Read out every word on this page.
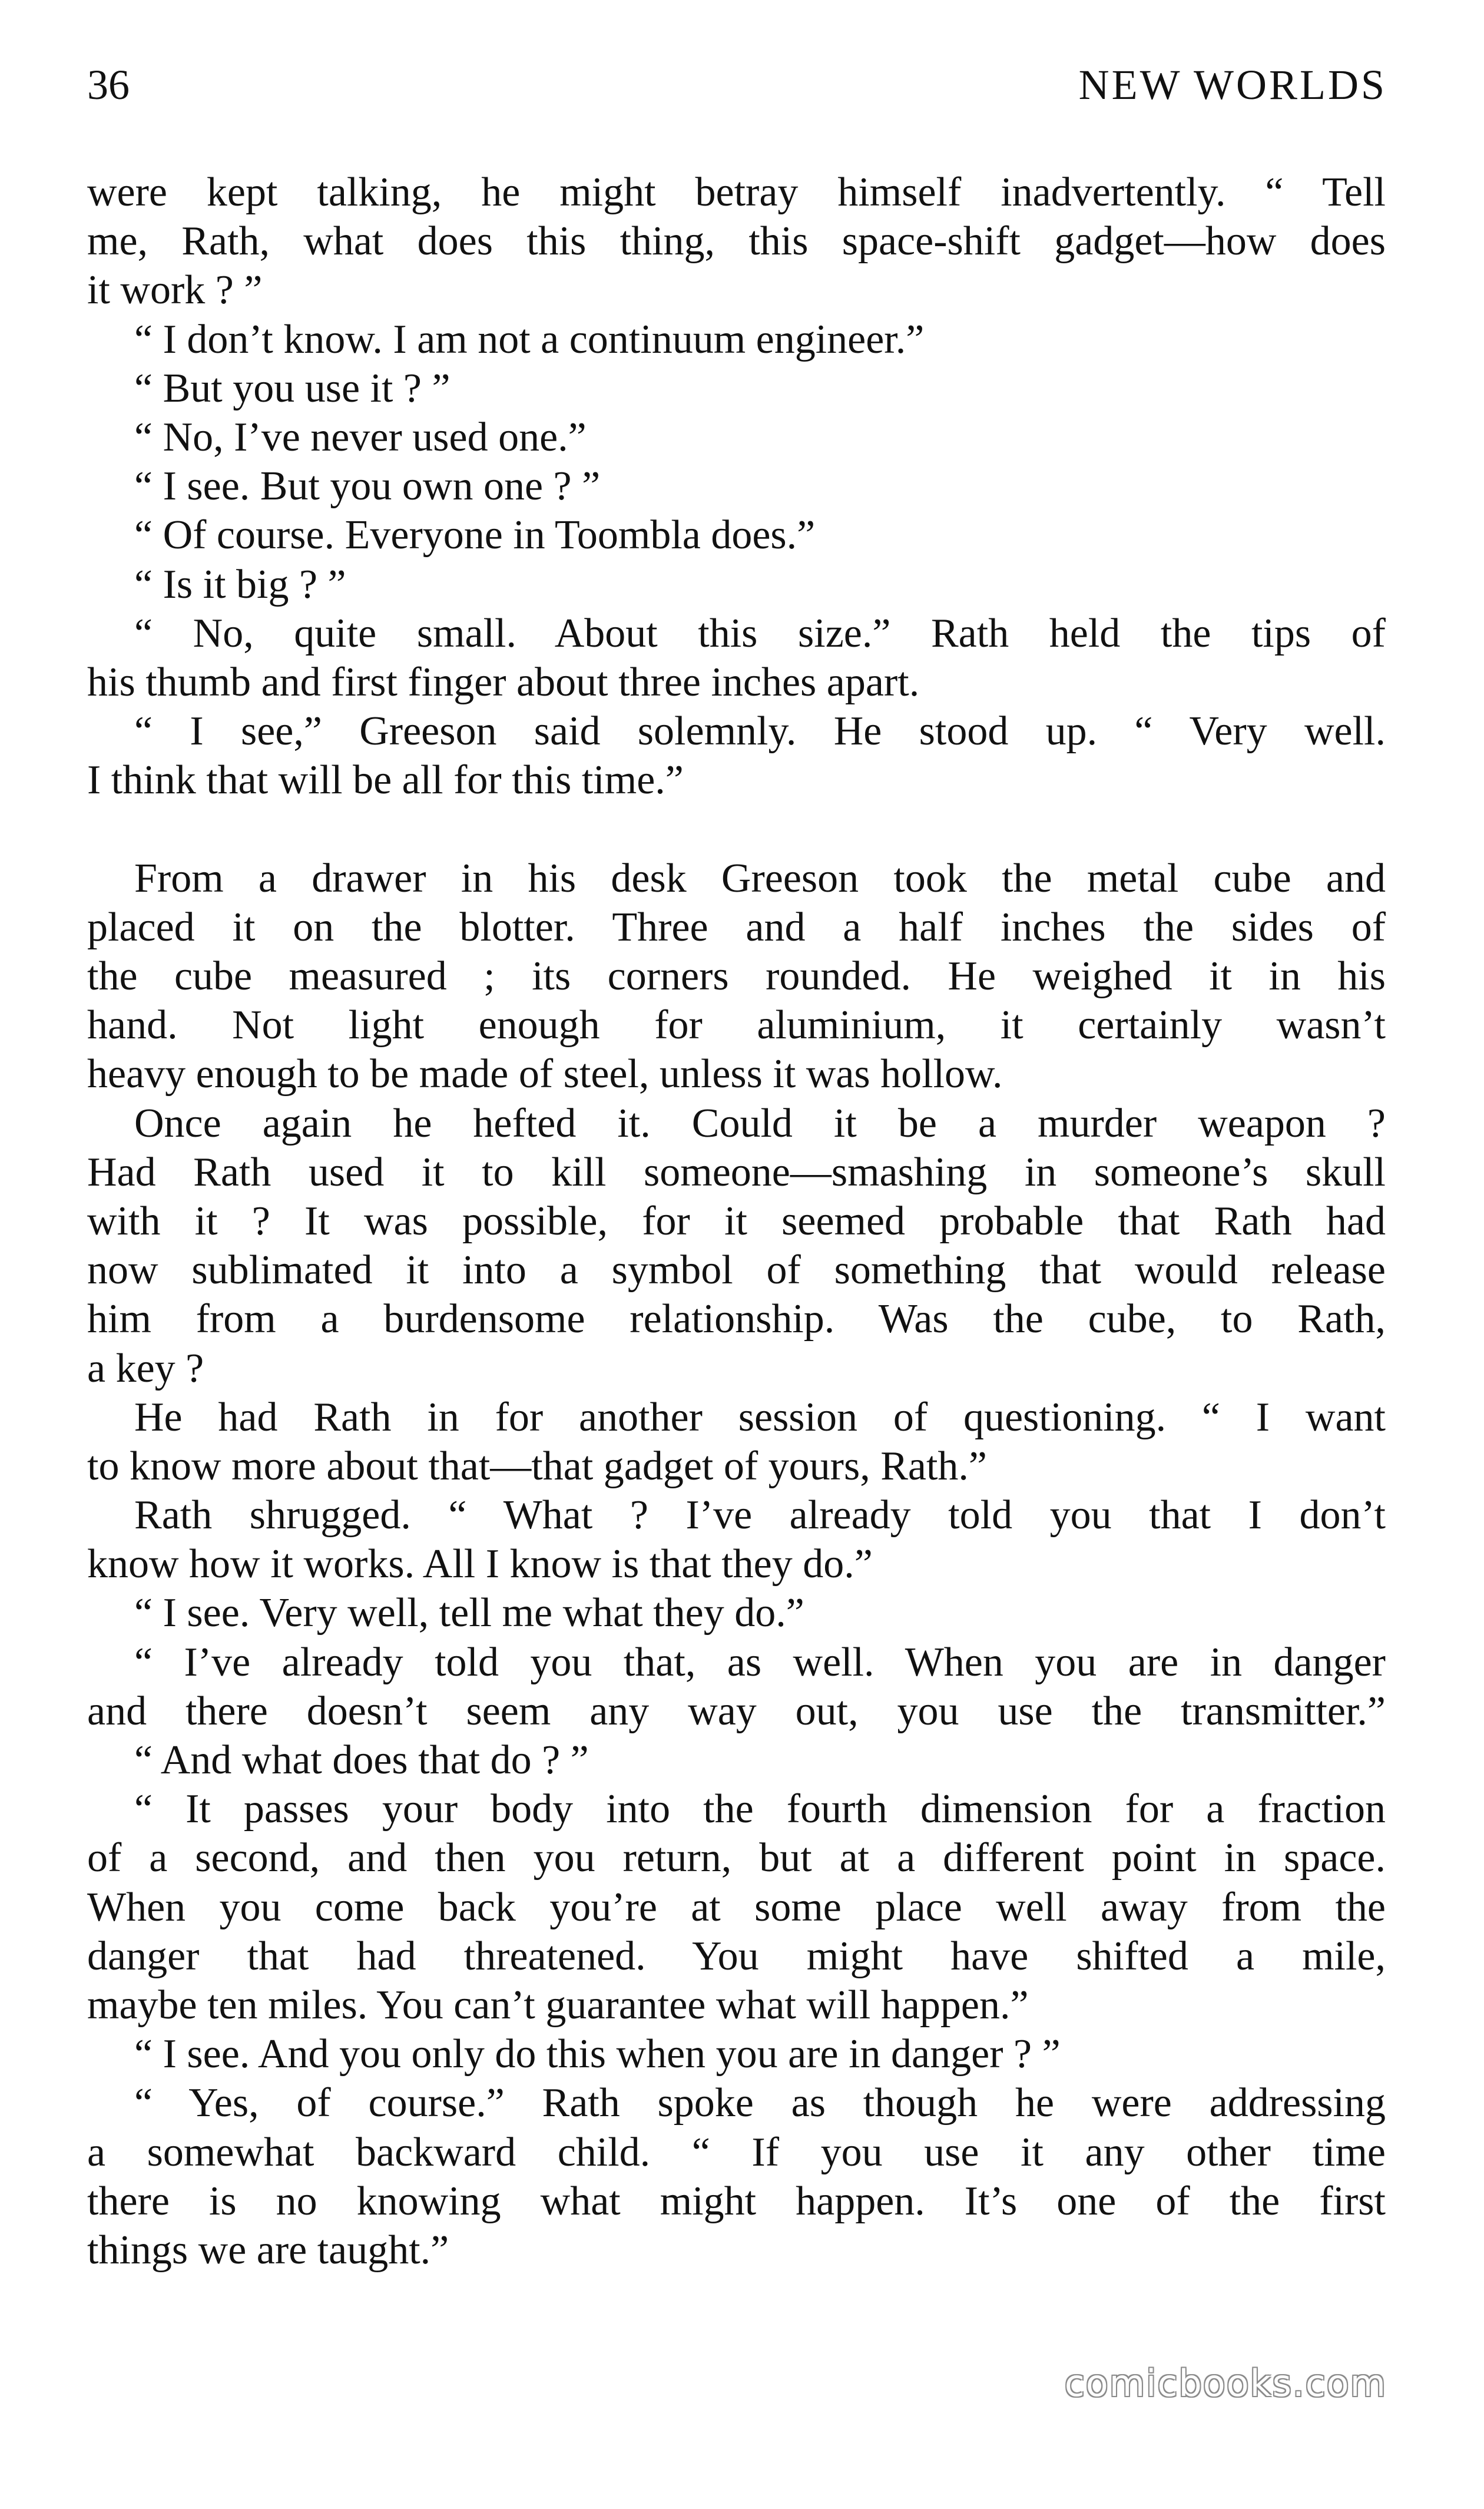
36	NEW WORLDS
were kept talking, he might betray himself inadvertently. “ Tell
me, Rath, what does this thing, this space-shift gadget—how does
it work ? ”
“ I don’t know. I am not a continuum engineer.”
“ But you use it ? ”
“ No, I’ve never used one.”
“ I see. But you own one ? ”
“ Of course. Everyone in Toombla does.”
“ Is it big ? ”
“ No, quite small. About this size.” Rath held the tips of
his thumb and first finger about three inches apart.
“ I see,” Greeson said solemnly. He stood up. “ Very well.
I think that will be all for this time.”
From a drawer in his desk Greeson took the metal cube and
placed it on the blotter. Three and a half inches the sides of
the cube measured ; its corners rounded. He weighed it in his
hand. Not light enough for aluminium, it certainly wasn’t
heavy enough to be made of steel, unless it was hollow.
Once again he hefted it. Could it be a murder weapon ?
Had Rath used it to kill someone—smashing in someone’s skull
with it ? It was possible, for it seemed probable that Rath had
now sublimated it into a symbol of something that would release
him from a burdensome relationship. Was the cube, to Rath,
a key ?
He had Rath in for another session of questioning. “ I want
to know more about that—that gadget of yours, Rath.”
Rath shrugged. “ What ? I’ve already told you that I don’t
know how it works. All I know is that they do.”
“ I see. Very well, tell me what they do.”
“ I’ve already told you that, as well. When you are in danger
and there doesn’t seem any way out, you use the transmitter.”
“ And what does that do ? ”
“ It passes your body into the fourth dimension for a fraction
of a second, and then you return, but at a different point in space.
When you come back you’re at some place well away from the
danger that had threatened. You might have shifted a mile,
maybe ten miles. You can’t guarantee what will happen.”
“ I see. And you only do this when you are in danger ? ”
“ Yes, of course.” Rath spoke as though he were addressing
a somewhat backward child. “ If you use it any other time
there is no knowing what might happen. It’s one of the first
things we are taught.”
comicbooks.com
